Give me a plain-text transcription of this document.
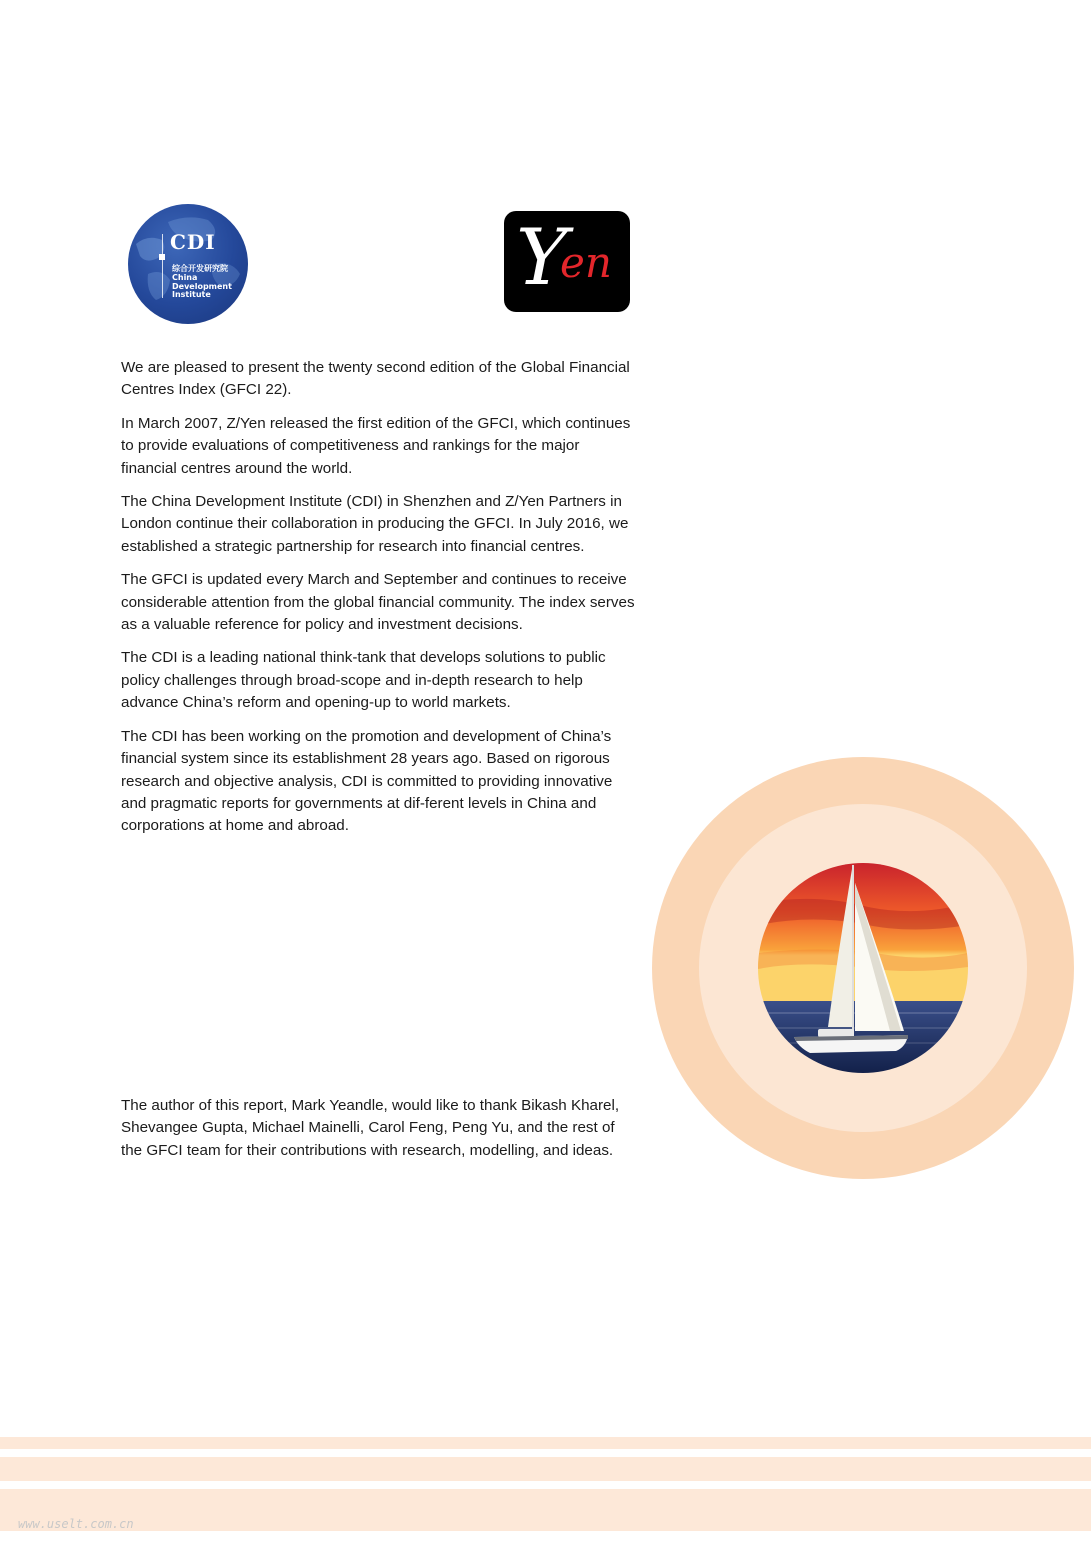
CDI
综合开发研究院
China
Development
Institute	Y
en

We are pleased to present the twenty second edition of the Global Financial Centres Index (GFCI 22).

In March 2007, Z/Yen released the first edition of the GFCI, which continues to provide evaluations of competitiveness and rankings for the major financial centres around the world.

The China Development Institute (CDI) in Shenzhen and Z/Yen Partners in London continue their collaboration in producing the GFCI. In July 2016, we established a strategic partnership for research into financial centres.

The GFCI is updated every March and September and continues to receive considerable attention from the global financial community. The index serves as a valuable reference for policy and investment decisions.

The CDI is a leading national think-tank that develops solutions to public policy challenges through broad-scope and in-depth research to help advance China’s reform and opening-up to world markets.

The CDI has been working on the promotion and development of China’s financial system since its establishment 28 years ago. Based on rigorous research and objective analysis, CDI is committed to providing innovative and pragmatic reports for governments at dif-ferent levels in China and corporations at home and abroad.

The author of this report, Mark Yeandle, would like to thank Bikash Kharel, Shevangee Gupta, Michael Mainelli, Carol Feng, Peng Yu, and the rest of the GFCI team for their contributions with research, modelling, and ideas.

www.uselt.com.cn
